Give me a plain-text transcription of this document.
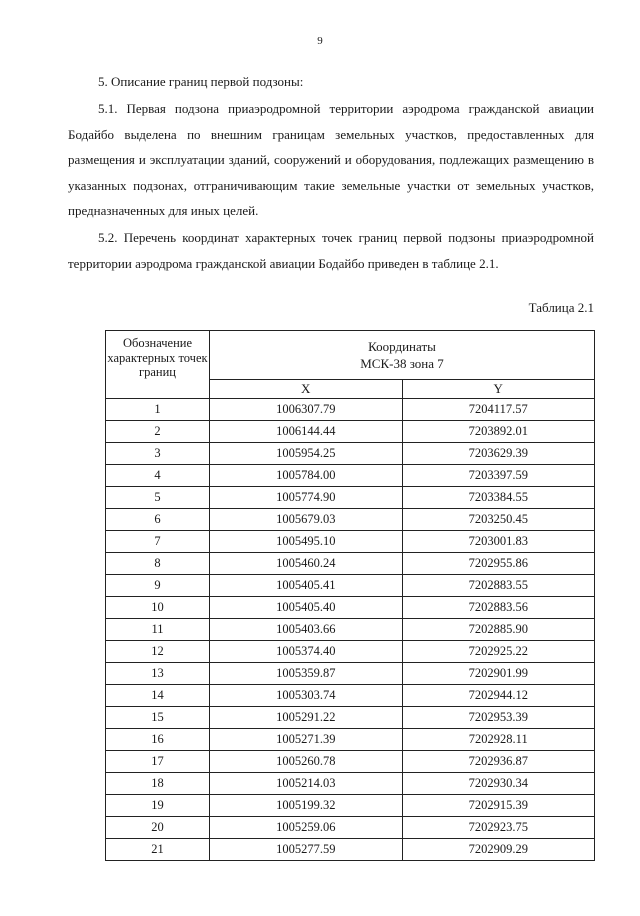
9
5. Описание границ первой подзоны:

5.1. Первая подзона приаэродромной территории аэродрома гражданской авиации Бодайбо выделена по внешним границам земельных участков, предоставленных для размещения и эксплуатации зданий, сооружений и оборудования, подлежащих размещению в указанных подзонах, отграничивающим такие земельные участки от земельных участков, предназначенных для иных целей.

5.2. Перечень координат характерных точек границ первой подзоны приаэродромной территории аэродрома гражданской авиации Бодайбо приведен в таблице 2.1.

Таблица 2.1
Обозначение характерных точек границ	Координаты
МСК-38 зона 7	

	X	Y
1	1006307.79	7204117.57
2	1006144.44	7203892.01
3	1005954.25	7203629.39
4	1005784.00	7203397.59
5	1005774.90	7203384.55
6	1005679.03	7203250.45
7	1005495.10	7203001.83
8	1005460.24	7202955.86
9	1005405.41	7202883.55
10	1005405.40	7202883.56
11	1005403.66	7202885.90
12	1005374.40	7202925.22
13	1005359.87	7202901.99
14	1005303.74	7202944.12
15	1005291.22	7202953.39
16	1005271.39	7202928.11
17	1005260.78	7202936.87
18	1005214.03	7202930.34
19	1005199.32	7202915.39
20	1005259.06	7202923.75
21	1005277.59	7202909.29
